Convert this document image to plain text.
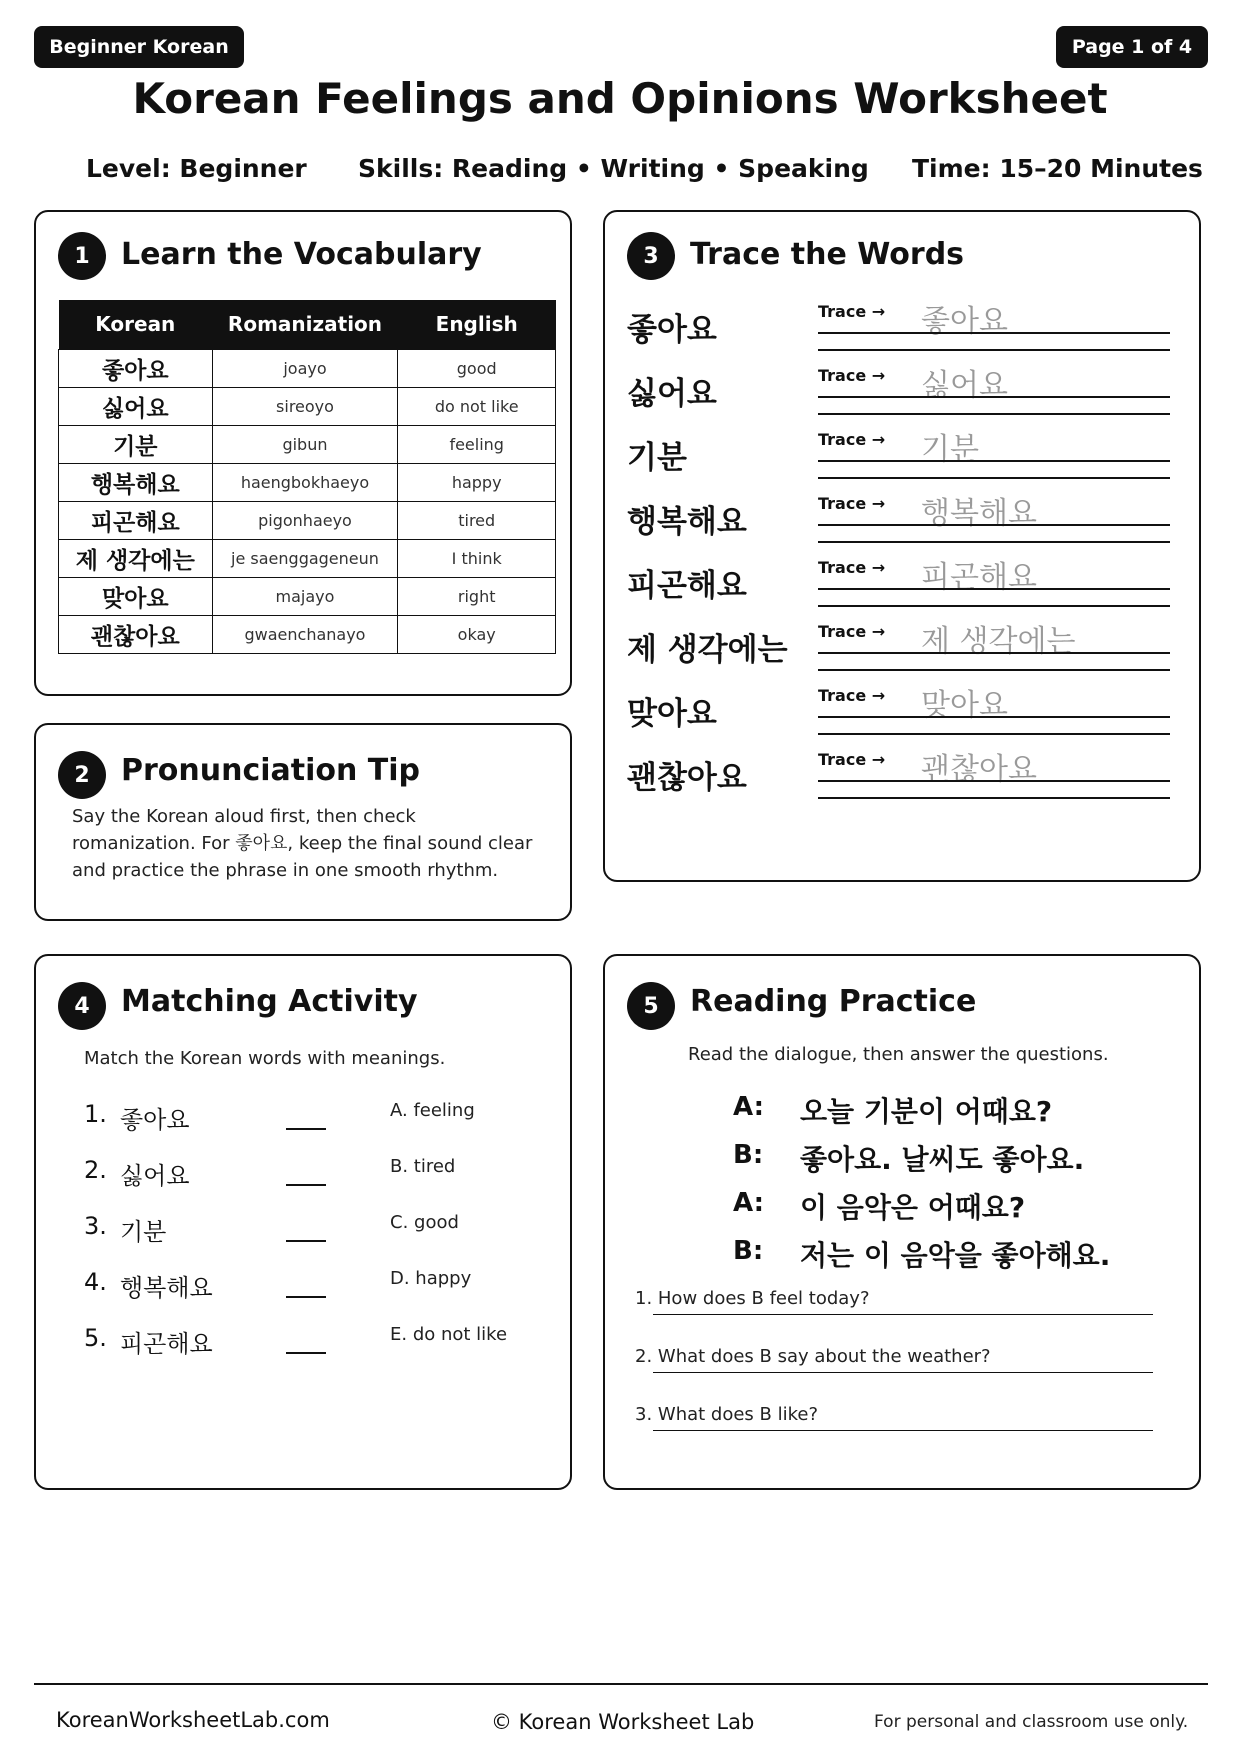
Beginner Korean	Page 1 of 4
Korean Feelings and Opinions Worksheet
Level: Beginner Skills: Reading • Writing • Speaking Time: 15–20 Minutes
1	Learn the Vocabulary
Korean	Romanization	English
좋아요	joayo	good
싫어요	sireoyo	do not like
기분	gibun	feeling
행복해요	haengbokhaeyo	happy
피곤해요	pigonhaeyo	tired
제 생각에는	je saenggageneun	I think
맞아요	majayo	right
괜찮아요	gwaenchanayo	okay
2	Pronunciation Tip
Say the Korean aloud first, then check romanization. For 좋아요, keep the final sound clear and practice the phrase in one smooth rhythm.
3	Trace the Words
좋아요
Trace → 좋아요
싫어요
Trace → 싫어요
기분
Trace → 기분
행복해요
Trace → 행복해요
피곤해요
Trace → 피곤해요
제 생각에는
Trace → 제 생각에는
맞아요
Trace → 맞아요
괜찮아요
Trace → 괜찮아요
4	Matching Activity
Match the Korean words with meanings.
1. 좋아요	A. feeling
2. 싫어요	B. tired
3. 기분	C. good
4. 행복해요	D. happy
5. 피곤해요	E. do not like
5	Reading Practice
Read the dialogue, then answer the questions.
A: 오늘 기분이 어때요?
B: 좋아요. 날씨도 좋아요.
A: 이 음악은 어때요?
B: 저는 이 음악을 좋아해요.
1. How does B feel today?
2. What does B say about the weather?
3. What does B like?
KoreanWorksheetLab.com	© Korean Worksheet Lab	For personal and classroom use only.
